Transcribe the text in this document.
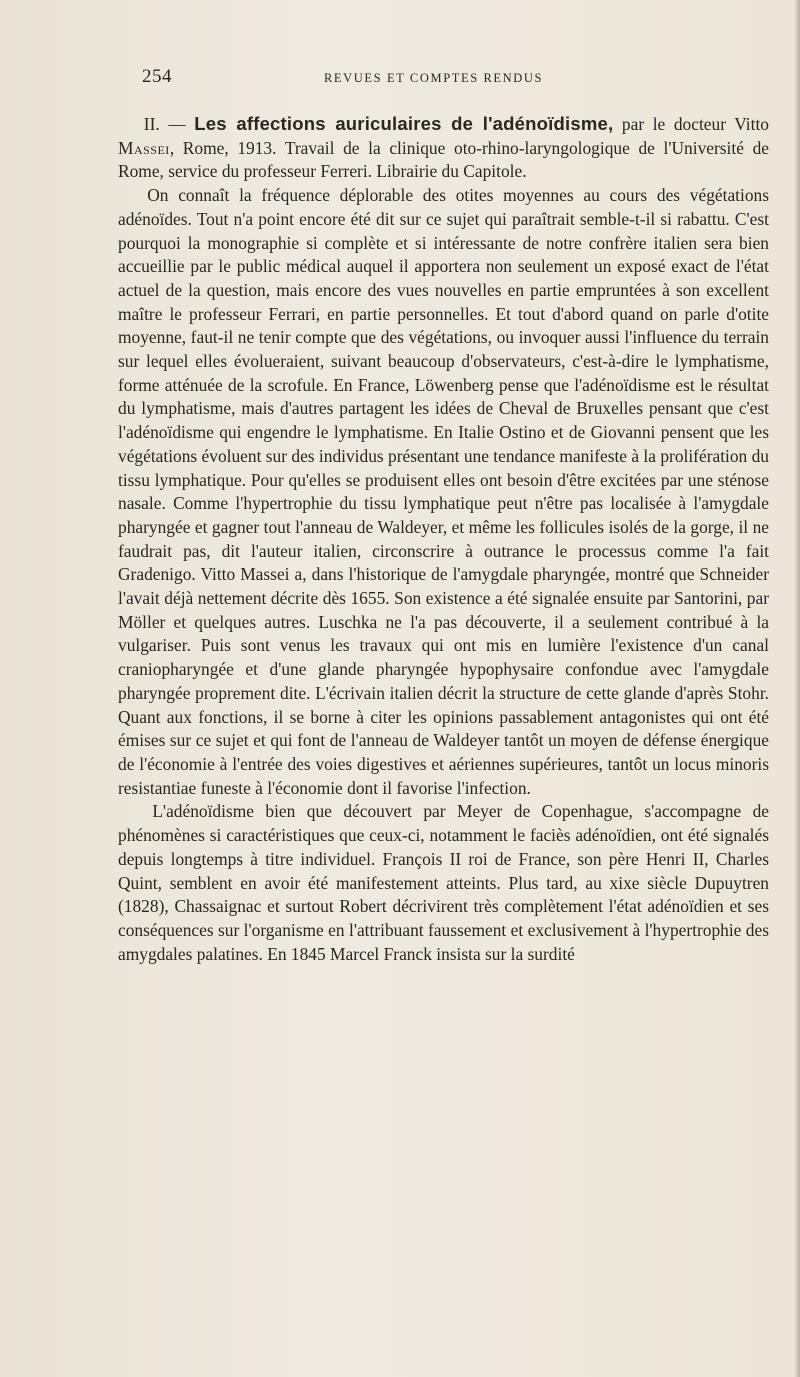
254	REVUES ET COMPTES RENDUS

II. — Les affections auriculaires de l'adénoïdisme, par le docteur Vitto Massei, Rome, 1913. Travail de la clinique oto-rhino-laryngologique de l'Université de Rome, service du professeur Ferreri. Librairie du Capitole.

On connaît la fréquence déplorable des otites moyennes au cours des végétations adénoïdes. Tout n'a point encore été dit sur ce sujet qui paraîtrait semble-t-il si rabattu. C'est pourquoi la monographie si complète et si intéressante de notre confrère italien sera bien accueillie par le public médical auquel il apportera non seulement un exposé exact de l'état actuel de la question, mais encore des vues nouvelles en partie empruntées à son excellent maître le professeur Ferrari, en partie personnelles. Et tout d'abord quand on parle d'otite moyenne, faut-il ne tenir compte que des végétations, ou invoquer aussi l'influence du terrain sur lequel elles évolueraient, suivant beaucoup d'observateurs, c'est-à-dire le lymphatisme, forme atténuée de la scrofule. En France, Löwenberg pense que l'adénoïdisme est le résultat du lymphatisme, mais d'autres partagent les idées de Cheval de Bruxelles pensant que c'est l'adénoïdisme qui engendre le lymphatisme. En Italie Ostino et de Giovanni pensent que les végétations évoluent sur des individus présentant une tendance manifeste à la prolifération du tissu lymphatique. Pour qu'elles se produisent elles ont besoin d'être excitées par une sténose nasale. Comme l'hypertrophie du tissu lymphatique peut n'être pas localisée à l'amygdale pharyngée et gagner tout l'anneau de Waldeyer, et même les follicules isolés de la gorge, il ne faudrait pas, dit l'auteur italien, circonscrire à outrance le processus comme l'a fait Gradenigo. Vitto Massei a, dans l'historique de l'amygdale pharyngée, montré que Schneider l'avait déjà nettement décrite dès 1655. Son existence a été signalée ensuite par Santorini, par Möller et quelques autres. Luschka ne l'a pas découverte, il a seulement contribué à la vulgariser. Puis sont venus les travaux qui ont mis en lumière l'existence d'un canal craniopharyngée et d'une glande pharyngée hypophysaire confondue avec l'amygdale pharyngée proprement dite. L'écrivain italien décrit la structure de cette glande d'après Stohr. Quant aux fonctions, il se borne à citer les opinions passablement antagonistes qui ont été émises sur ce sujet et qui font de l'anneau de Waldeyer tantôt un moyen de défense énergique de l'économie à l'entrée des voies digestives et aériennes supérieures, tantôt un locus minoris resistantiae funeste à l'économie dont il favorise l'infection.

L'adénoïdisme bien que découvert par Meyer de Copenhague, s'accompagne de phénomènes si caractéristiques que ceux-ci, notamment le faciès adénoïdien, ont été signalés depuis longtemps à titre individuel. François II roi de France, son père Henri II, Charles Quint, semblent en avoir été manifestement atteints. Plus tard, au xixe siècle Dupuytren (1828), Chassaignac et surtout Robert décrivirent très complètement l'état adénoïdien et ses conséquences sur l'organisme en l'attribuant faussement et exclusivement à l'hypertrophie des amygdales palatines. En 1845 Marcel Franck insista sur la surdité
